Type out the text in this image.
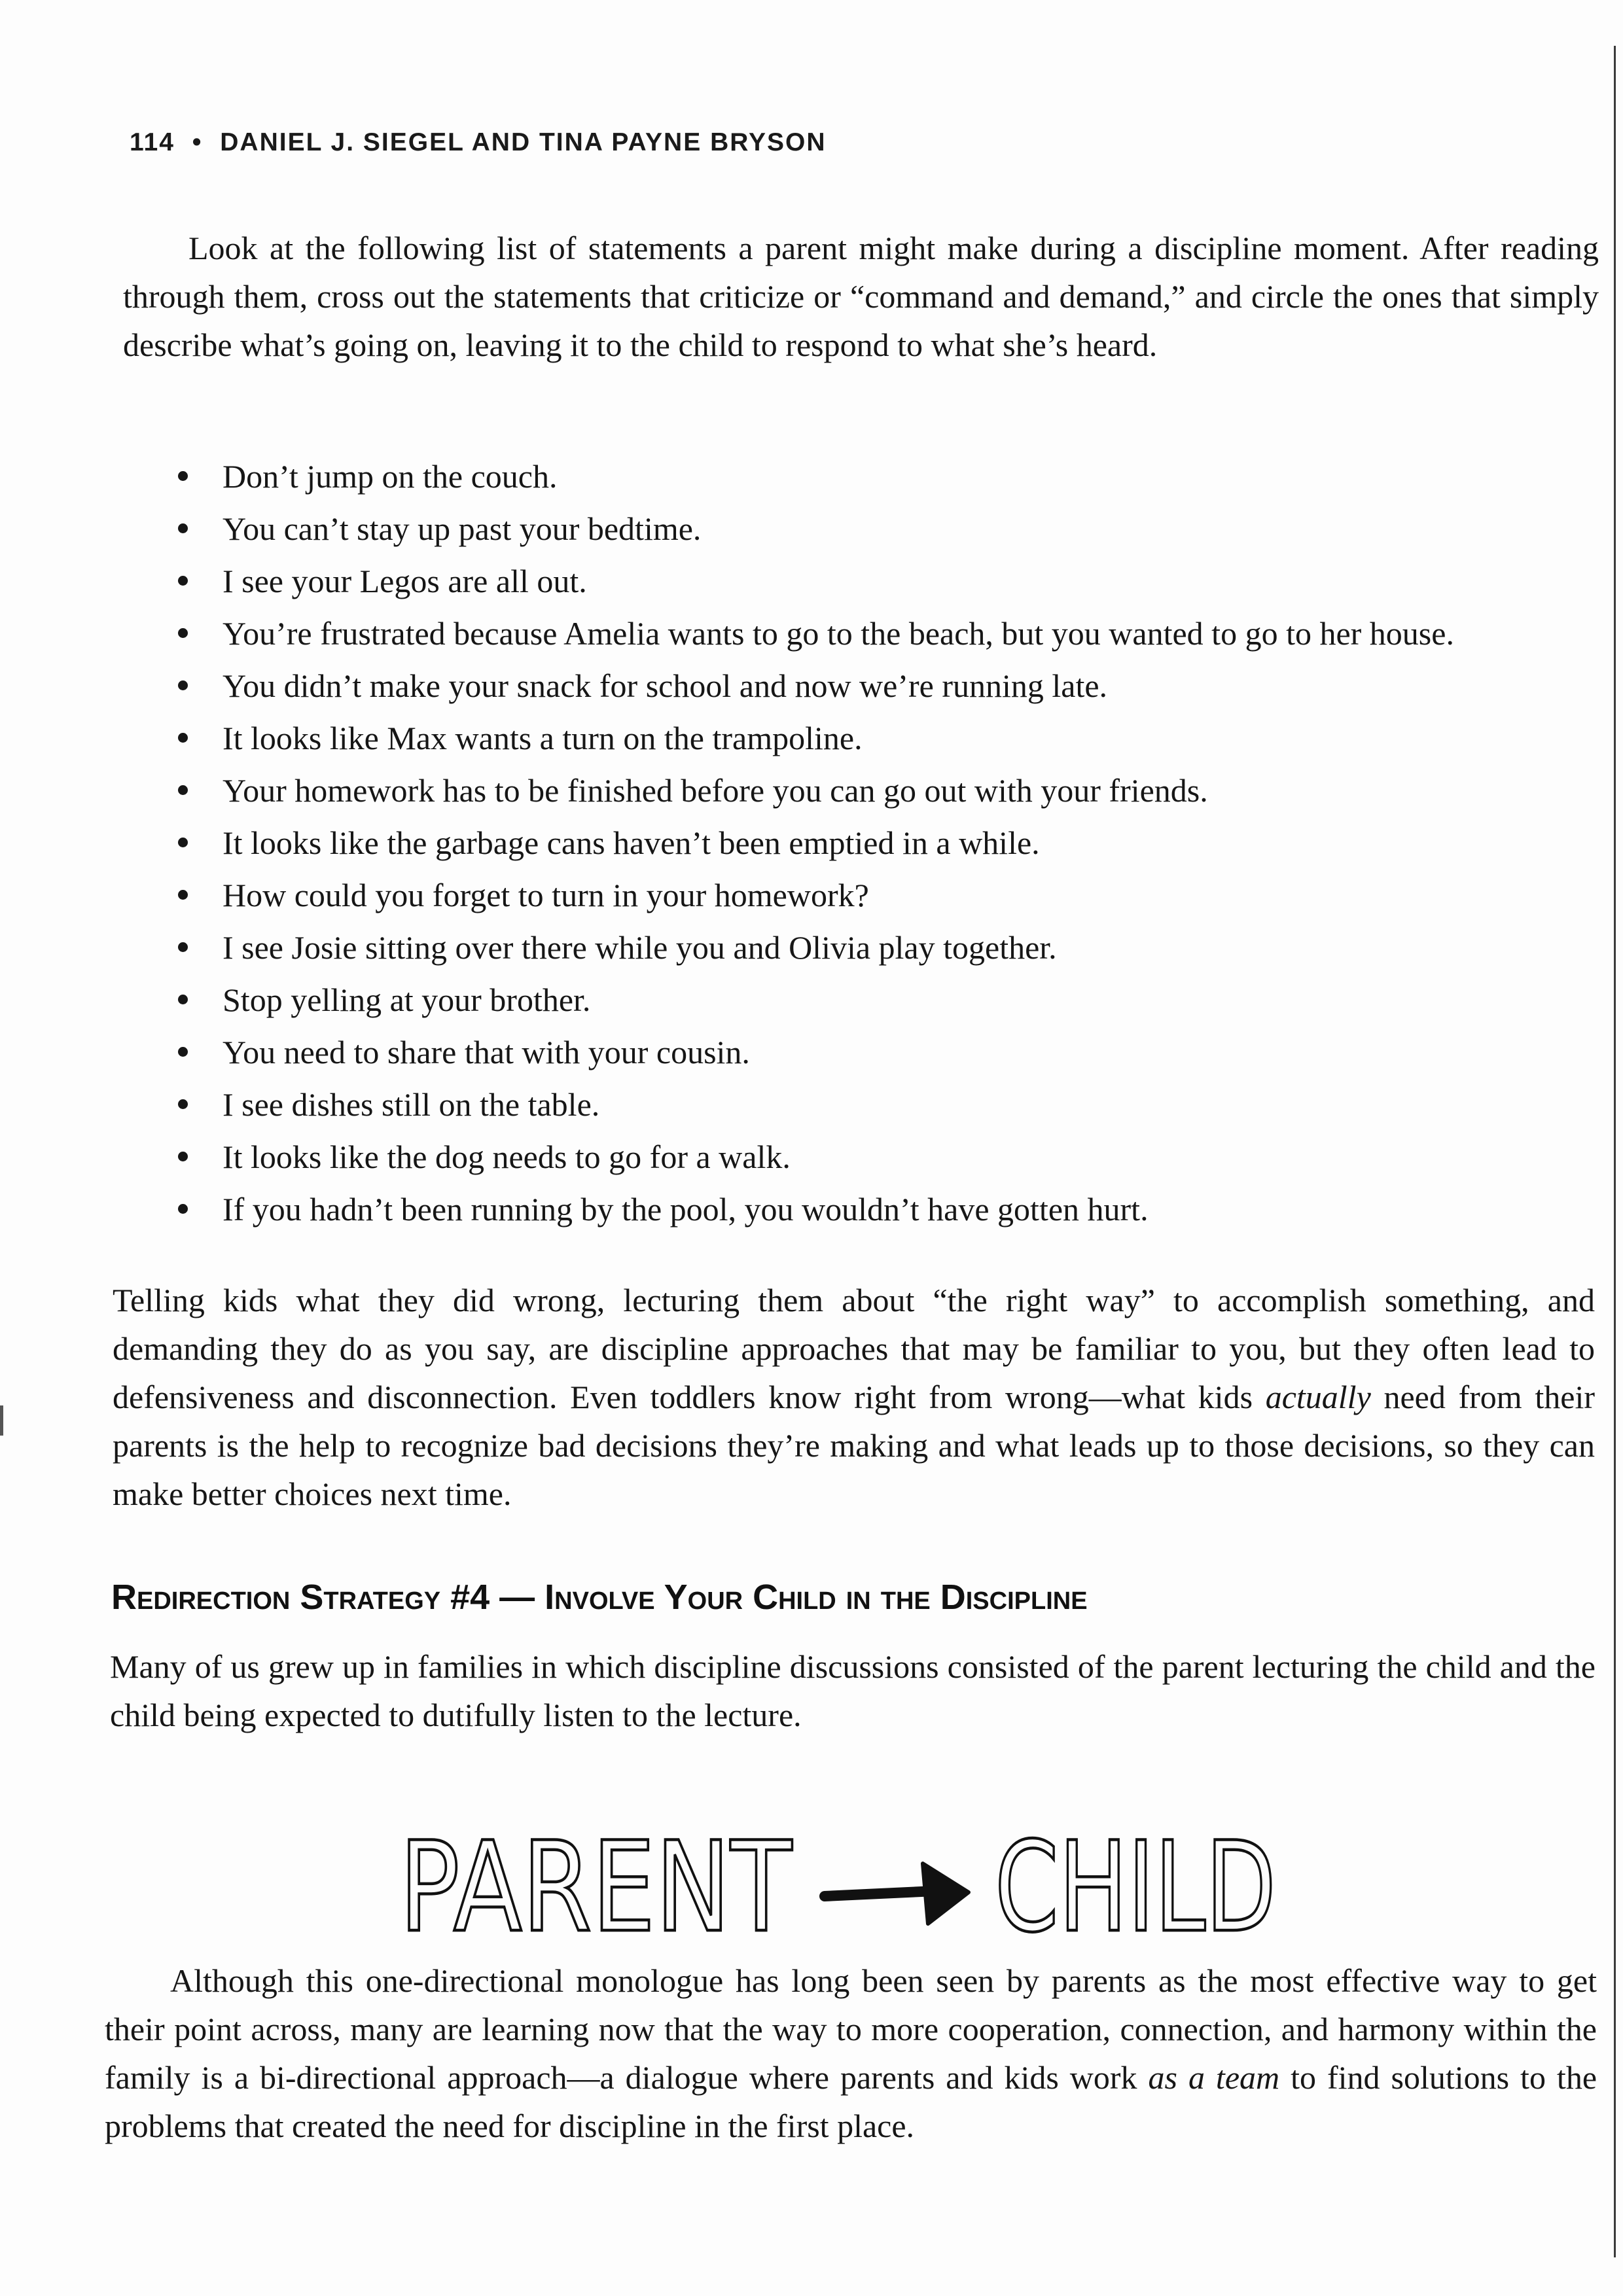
114 • DANIEL J. SIEGEL AND TINA PAYNE BRYSON

Look at the following list of statements a parent might make during a discipline moment. After reading through them, cross out the statements that criticize or “command and demand,” and circle the ones that simply describe what’s going on, leaving it to the child to respond to what she’s heard.

Don’t jump on the couch.
You can’t stay up past your bedtime.
I see your Legos are all out.
You’re frustrated because Amelia wants to go to the beach, but you wanted to go to her house.
You didn’t make your snack for school and now we’re running late.
It looks like Max wants a turn on the trampoline.
Your homework has to be finished before you can go out with your friends.
It looks like the garbage cans haven’t been emptied in a while.
How could you forget to turn in your homework?
I see Josie sitting over there while you and Olivia play together.
Stop yelling at your brother.
You need to share that with your cousin.
I see dishes still on the table.
It looks like the dog needs to go for a walk.
If you hadn’t been running by the pool, you wouldn’t have gotten hurt.

Telling kids what they did wrong, lecturing them about “the right way” to accomplish something, and demanding they do as you say, are discipline approaches that may be familiar to you, but they often lead to defensiveness and disconnection. Even toddlers know right from wrong—what kids actually need from their parents is the help to recognize bad decisions they’re making and what leads up to those decisions, so they can make better choices next time.

Redirection Strategy #4 — Involve Your Child in the Discipline

Many of us grew up in families in which discipline discussions consisted of the parent lecturing the child and the child being expected to dutifully listen to the lecture.

PARENT CHILD

Although this one-directional monologue has long been seen by parents as the most effective way to get their point across, many are learning now that the way to more cooperation, connection, and harmony within the family is a bi-directional approach—a dialogue where parents and kids work as a team to find solutions to the problems that created the need for discipline in the first place.
